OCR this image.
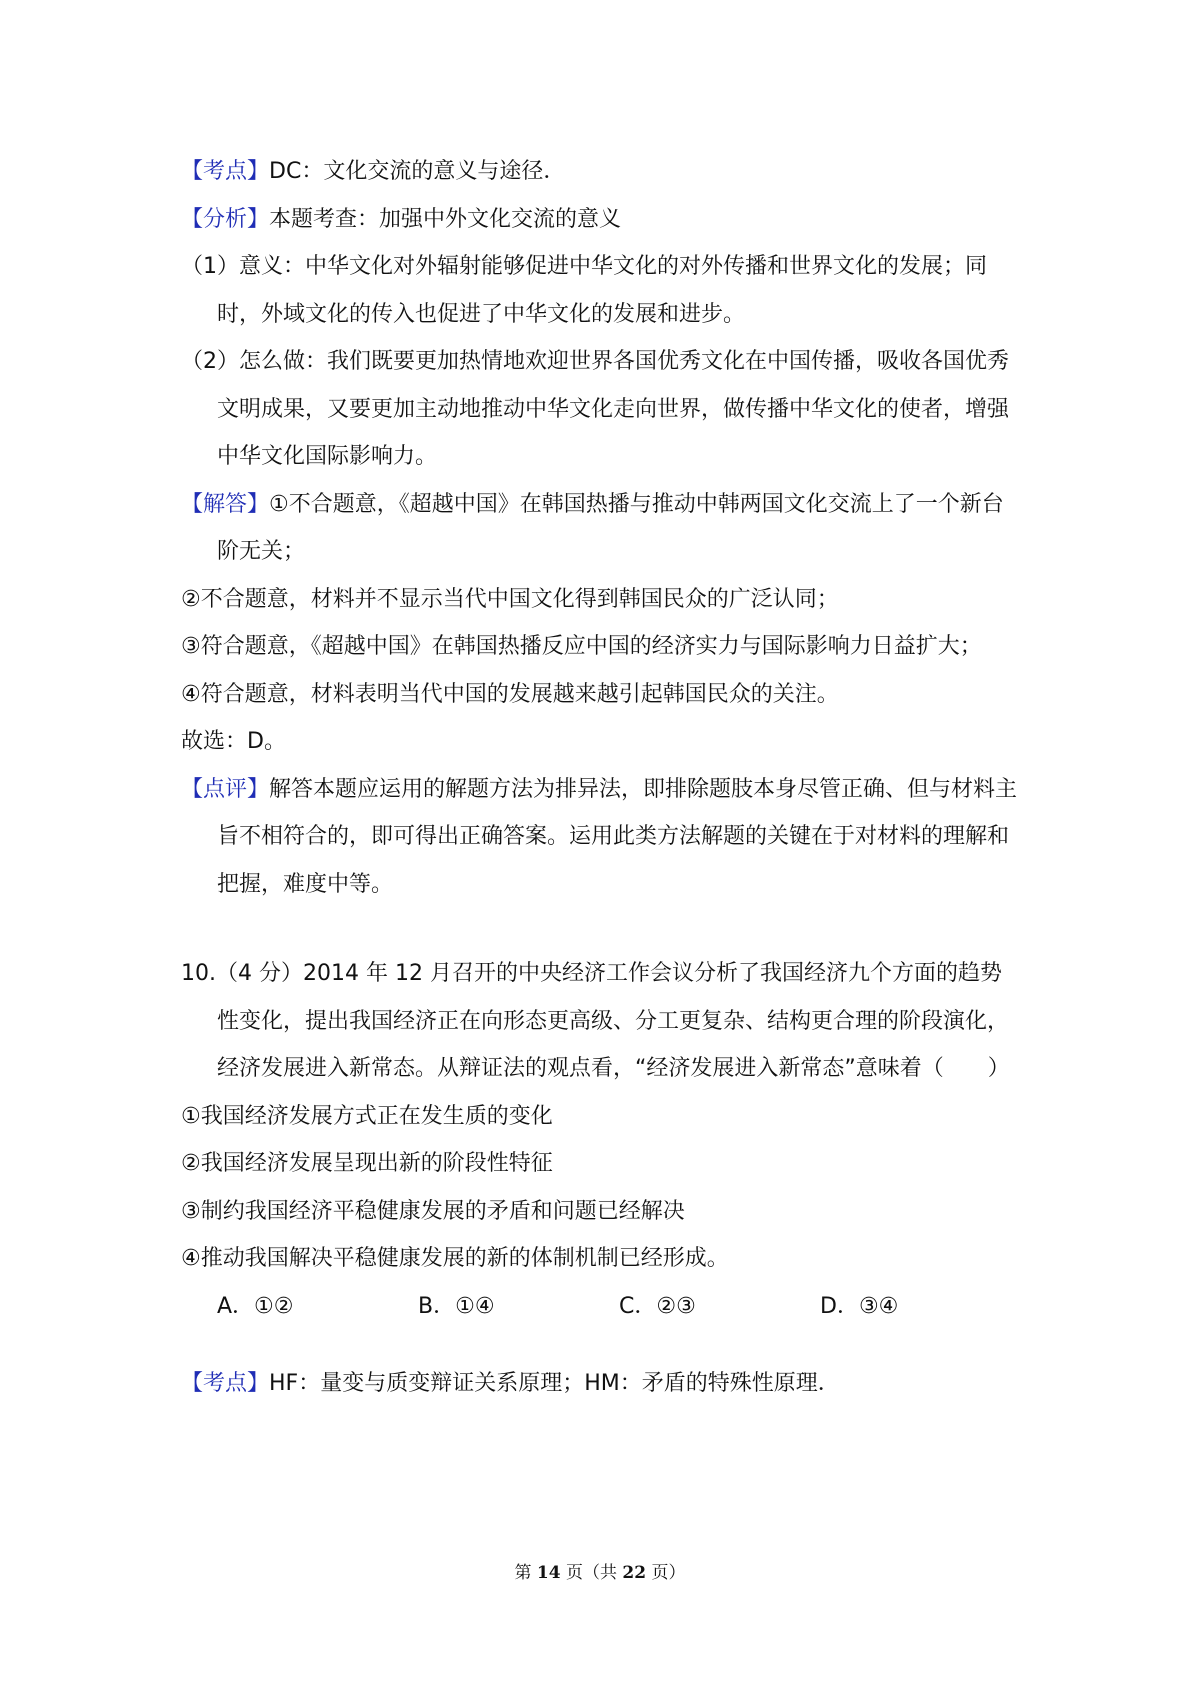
【考点】DC：文化交流的意义与途径．

【分析】本题考查：加强中外文化交流的意义

（1）意义：中华文化对外辐射能够促进中华文化的对外传播和世界文化的发展；同时，外域文化的传入也促进了中华文化的发展和进步。

（2）怎么做：我们既要更加热情地欢迎世界各国优秀文化在中国传播，吸收各国优秀文明成果，又要更加主动地推动中华文化走向世界，做传播中华文化的使者，增强中华文化国际影响力。

【解答】①不合题意，《超越中国》在韩国热播与推动中韩两国文化交流上了一个新台阶无关；

②不合题意，材料并不显示当代中国文化得到韩国民众的广泛认同；

③符合题意，《超越中国》在韩国热播反应中国的经济实力与国际影响力日益扩大；

④符合题意，材料表明当代中国的发展越来越引起韩国民众的关注。

故选：D。

【点评】解答本题应运用的解题方法为排异法，即排除题肢本身尽管正确、但与材料主旨不相符合的，即可得出正确答案。运用此类方法解题的关键在于对材料的理解和把握，难度中等。

10.（4 分）2014 年 12 月召开的中央经济工作会议分析了我国经济九个方面的趋势性变化，提出我国经济正在向形态更高级、分工更复杂、结构更合理的阶段演化，经济发展进入新常态。从辩证法的观点看，“经济发展进入新常态”意味着（　　）

①我国经济发展方式正在发生质的变化

②我国经济发展呈现出新的阶段性特征

③制约我国经济平稳健康发展的矛盾和问题已经解决

④推动我国解决平稳健康发展的新的体制机制已经形成。

A．①②	B．①④	C．②③	D．③④

【考点】HF：量变与质变辩证关系原理；HM：矛盾的特殊性原理．

第 14 页（共 22 页）
